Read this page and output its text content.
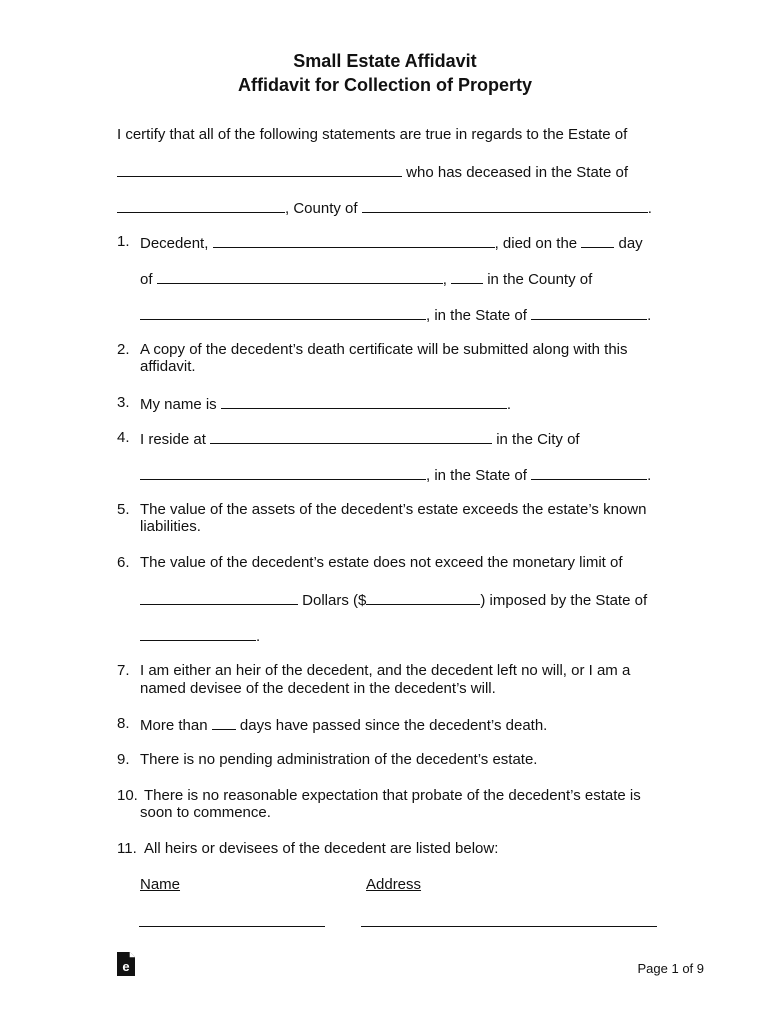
Small Estate Affidavit
Affidavit for Collection of Property
I certify that all of the following statements are true in regards to the Estate of
who has deceased in the State of
, County of	.
1. Decedent,	, died on the	day
of	,	in the County of
, in the State of	.
2. A copy of the decedent’s death certificate will be submitted along with this
affidavit.
3. My name is	.
4. I reside at	in the City of
, in the State of	.
5. The value of the assets of the decedent’s estate exceeds the estate’s known
liabilities.
6. The value of the decedent’s estate does not exceed the monetary limit of
Dollars ($	) imposed by the State of
.
7. I am either an heir of the decedent, and the decedent left no will, or I am a
named devisee of the decedent in the decedent’s will.
8. More than days have passed since the decedent’s death.
9. There is no pending administration of the decedent’s estate.
10. There is no reasonable expectation that probate of the decedent’s estate is
soon to commence.
11. All heirs or devisees of the decedent are listed below:
Name	Address
e	Page 1 of 9
